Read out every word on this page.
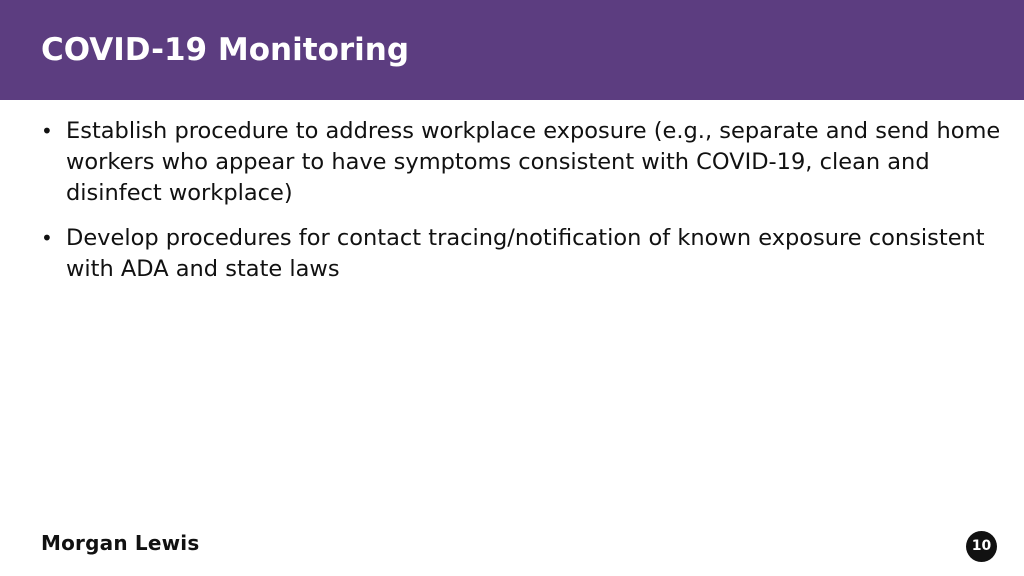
COVID-19 Monitoring
• Establish procedure to address workplace exposure (e.g., separate and send home workers who appear to have symptoms consistent with COVID-19, clean and disinfect workplace)
• Develop procedures for contact tracing/notification of known exposure consistent with ADA and state laws
Morgan Lewis	10
